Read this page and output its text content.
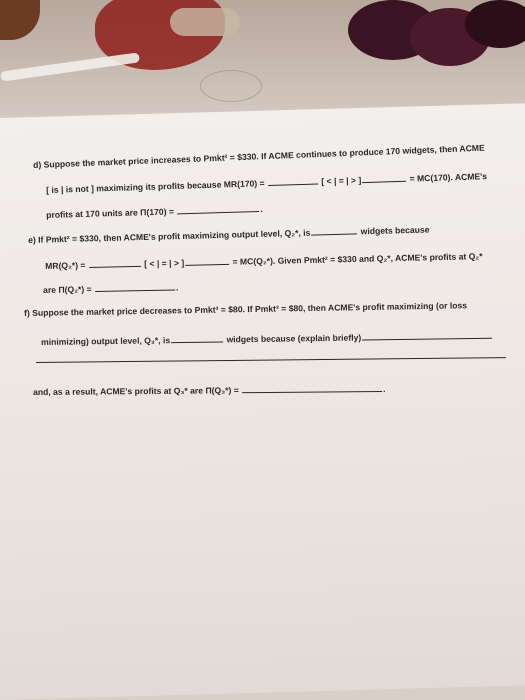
d) Suppose the market price increases to Pmkt² = $330. If ACME continues to produce 170 widgets, then ACME
[ is | is not ] maximizing its profits because MR(170) =	[ < | = | > ]	= MC(170). ACME's
profits at 170 units are Π(170) =	.
e) If Pmkt² = $330, then ACME's profit maximizing output level, Q₂*, is	widgets because
MR(Q₂*) =	[ < | = | > ]	= MC(Q₂*). Given Pmkt² = $330 and Q₂*, ACME's profits at Q₂*
are Π(Q₂*) =	.
f) Suppose the market price decreases to Pmkt³ = $80. If Pmkt³ = $80, then ACME's profit maximizing (or loss
minimizing) output level, Q₃*, is	widgets because (explain briefly)
and, as a result, ACME's profits at Q₃* are Π(Q₃*) =	.
